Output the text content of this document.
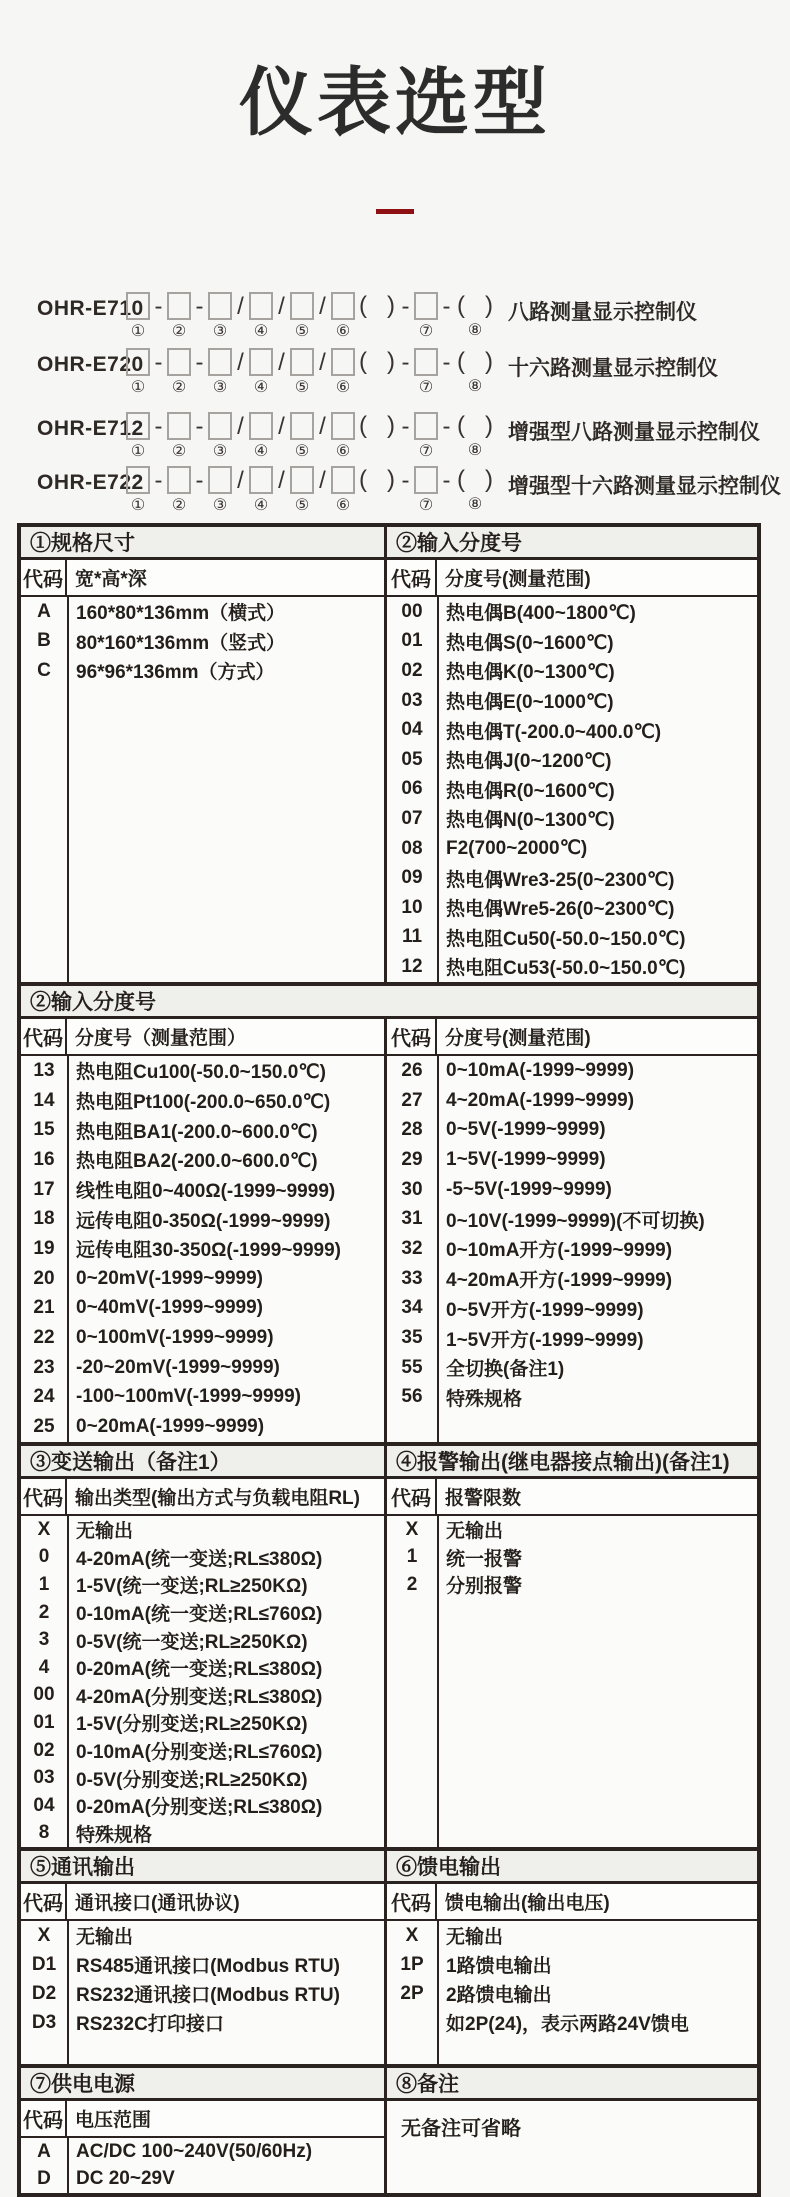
仪表选型
OHR-E710
①
-
②
-
③
/
④
/
⑤
/
⑥
( ) -
⑦
- ( )
⑧
八路测量显示控制仪
OHR-E720
①
-
②
-
③
/
④
/
⑤
/
⑥
( ) -
⑦
- ( )
⑧
十六路测量显示控制仪
OHR-E712
①
-
②
-
③
/
④
/
⑤
/
⑥
( ) -
⑦
- ( )
⑧
增强型八路测量显示控制仪
OHR-E722
①
-
②
-
③
/
④
/
⑤
/
⑥
( ) -
⑦
- ( )
⑧
增强型十六路测量显示控制仪
①规格尺寸	②输入分度号
代码 宽*高*深
A	160*80*136mm（横式）
B	80*160*136mm（竖式）
C	96*96*136mm（方式）
代码 分度号(测量范围)
00	热电偶B(400~1800℃)
01	热电偶S(0~1600℃)
02	热电偶K(0~1300℃)
03	热电偶E(0~1000℃)
04	热电偶T(-200.0~400.0℃)
05	热电偶J(0~1200℃)
06	热电偶R(0~1600℃)
07	热电偶N(0~1300℃)
08	F2(700~2000℃)
09	热电偶Wre3-25(0~2300℃)
10	热电偶Wre5-26(0~2300℃)
11	热电阻Cu50(-50.0~150.0℃)
12	热电阻Cu53(-50.0~150.0℃)
②输入分度号
代码 分度号（测量范围）
13	热电阻Cu100(-50.0~150.0℃)
14	热电阻Pt100(-200.0~650.0℃)
15	热电阻BA1(-200.0~600.0℃)
16	热电阻BA2(-200.0~600.0℃)
17	线性电阻0~400Ω(-1999~9999)
18	远传电阻0-350Ω(-1999~9999)
19	远传电阻30-350Ω(-1999~9999)
20	0~20mV(-1999~9999)
21	0~40mV(-1999~9999)
22	0~100mV(-1999~9999)
23	-20~20mV(-1999~9999)
24	-100~100mV(-1999~9999)
25	0~20mA(-1999~9999)
代码 分度号(测量范围)
26	0~10mA(-1999~9999)
27	4~20mA(-1999~9999)
28	0~5V(-1999~9999)
29	1~5V(-1999~9999)
30	-5~5V(-1999~9999)
31	0~10V(-1999~9999)(不可切换)
32	0~10mA开方(-1999~9999)
33	4~20mA开方(-1999~9999)
34	0~5V开方(-1999~9999)
35	1~5V开方(-1999~9999)
55	全切换(备注1)
56	特殊规格
③变送输出（备注1）	④报警输出(继电器接点输出)(备注1)
代码 输出类型(输出方式与负载电阻RL)
X	无输出
0	4-20mA(统一变送;RL≤380Ω)
1	1-5V(统一变送;RL≥250KΩ)
2	0-10mA(统一变送;RL≤760Ω)
3	0-5V(统一变送;RL≥250KΩ)
4	0-20mA(统一变送;RL≤380Ω)
00	4-20mA(分别变送;RL≤380Ω)
01	1-5V(分别变送;RL≥250KΩ)
02	0-10mA(分别变送;RL≤760Ω)
03	0-5V(分别变送;RL≥250KΩ)
04	0-20mA(分别变送;RL≤380Ω)
8	特殊规格
代码 报警限数
X	无输出
1	统一报警
2	分别报警
⑤通讯输出	⑥馈电输出
代码 通讯接口(通讯协议)
X	无输出
D1	RS485通讯接口(Modbus RTU)
D2	RS232通讯接口(Modbus RTU)
D3	RS232C打印接口
代码 馈电输出(输出电压)
X	无输出
1P	1路馈电输出
2P	2路馈电输出
如2P(24)，表示两路24V馈电
⑦供电电源	⑧备注
代码 电压范围
A	AC/DC 100~240V(50/60Hz)
D	DC 20~29V
无备注可省略
